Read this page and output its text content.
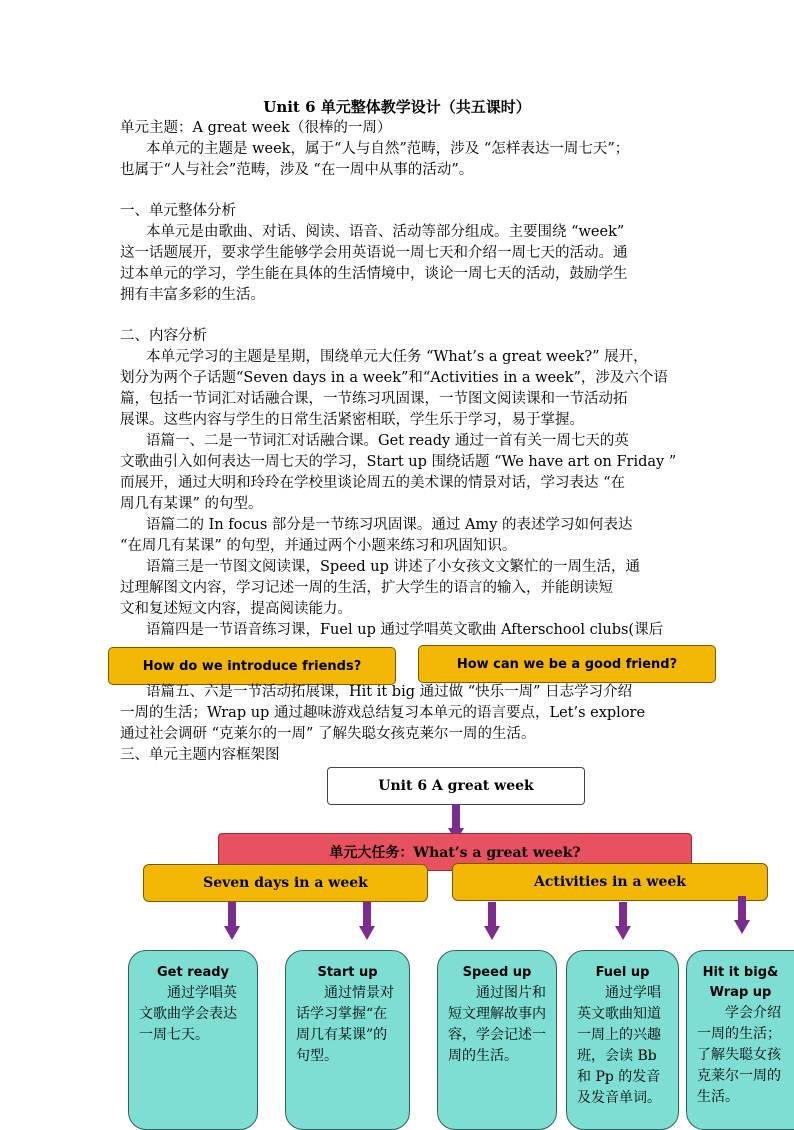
Unit 6 单元整体教学设计（共五课时）
单元主题：A great week（很棒的一周）
本单元的主题是 week，属于“人与自然”范畴，涉及 “怎样表达一周七天”；
也属于“人与社会”范畴，涉及 “在一周中从事的活动”。
一、单元整体分析
本单元是由歌曲、对话、阅读、语音、活动等部分组成。主要围绕 “week”
这一话题展开，要求学生能够学会用英语说一周七天和介绍一周七天的活动。通
过本单元的学习，学生能在具体的生活情境中，谈论一周七天的活动，鼓励学生
拥有丰富多彩的生活。
二、内容分析
本单元学习的主题是星期，围绕单元大任务 “What’s a great week?” 展开，
划分为两个子话题“Seven days in a week”和“Activities in a week”，涉及六个语
篇，包括一节词汇对话融合课，一节练习巩固课，一节图文阅读课和一节活动拓
展课。这些内容与学生的日常生活紧密相联，学生乐于学习，易于掌握。
语篇一、二是一节词汇对话融合课。Get ready 通过一首有关一周七天的英
文歌曲引入如何表达一周七天的学习，Start up 围绕话题 “We have art on Friday ”
而展开，通过大明和玲玲在学校里谈论周五的美术课的情景对话，学习表达 “在
周几有某课” 的句型。
语篇二的 In focus 部分是一节练习巩固课。通过 Amy 的表述学习如何表达
“在周几有某课” 的句型，并通过两个小题来练习和巩固知识。
语篇三是一节图文阅读课，Speed up 讲述了小女孩文文繁忙的一周生活，通
过理解图文内容，学习记述一周的生活，扩大学生的语言的输入，并能朗读短
文和复述短文内容，提高阅读能力。
语篇四是一节语音练习课，Fuel up 通过学唱英文歌曲 Afterschool clubs(课后
How do we introduce friends?	How can we be a good friend?
语篇五、六是一节活动拓展课，Hit it big 通过做 “快乐一周” 日志学习介绍
一周的生活；Wrap up 通过趣味游戏总结复习本单元的语言要点，Let’s explore
通过社会调研 “克莱尔的一周” 了解失聪女孩克莱尔一周的生活。
三、单元主题内容框架图
Unit 6 A great week
单元大任务：What’s a great week?
Seven days in a week	Activities in a week
Get ready
通过学唱英文歌曲学会表达一周七天。
Start up
通过情景对话学习掌握“在周几有某课”的句型。
Speed up
通过图片和短文理解故事内容，学会记述一周的生活。
Fuel up
通过学唱英文歌曲知道一周上的兴趣班，会读 Bb 和 Pp 的发音及发音单词。
Hit it big& Wrap up
学会介绍一周的生活；了解失聪女孩克莱尔一周的生活。
